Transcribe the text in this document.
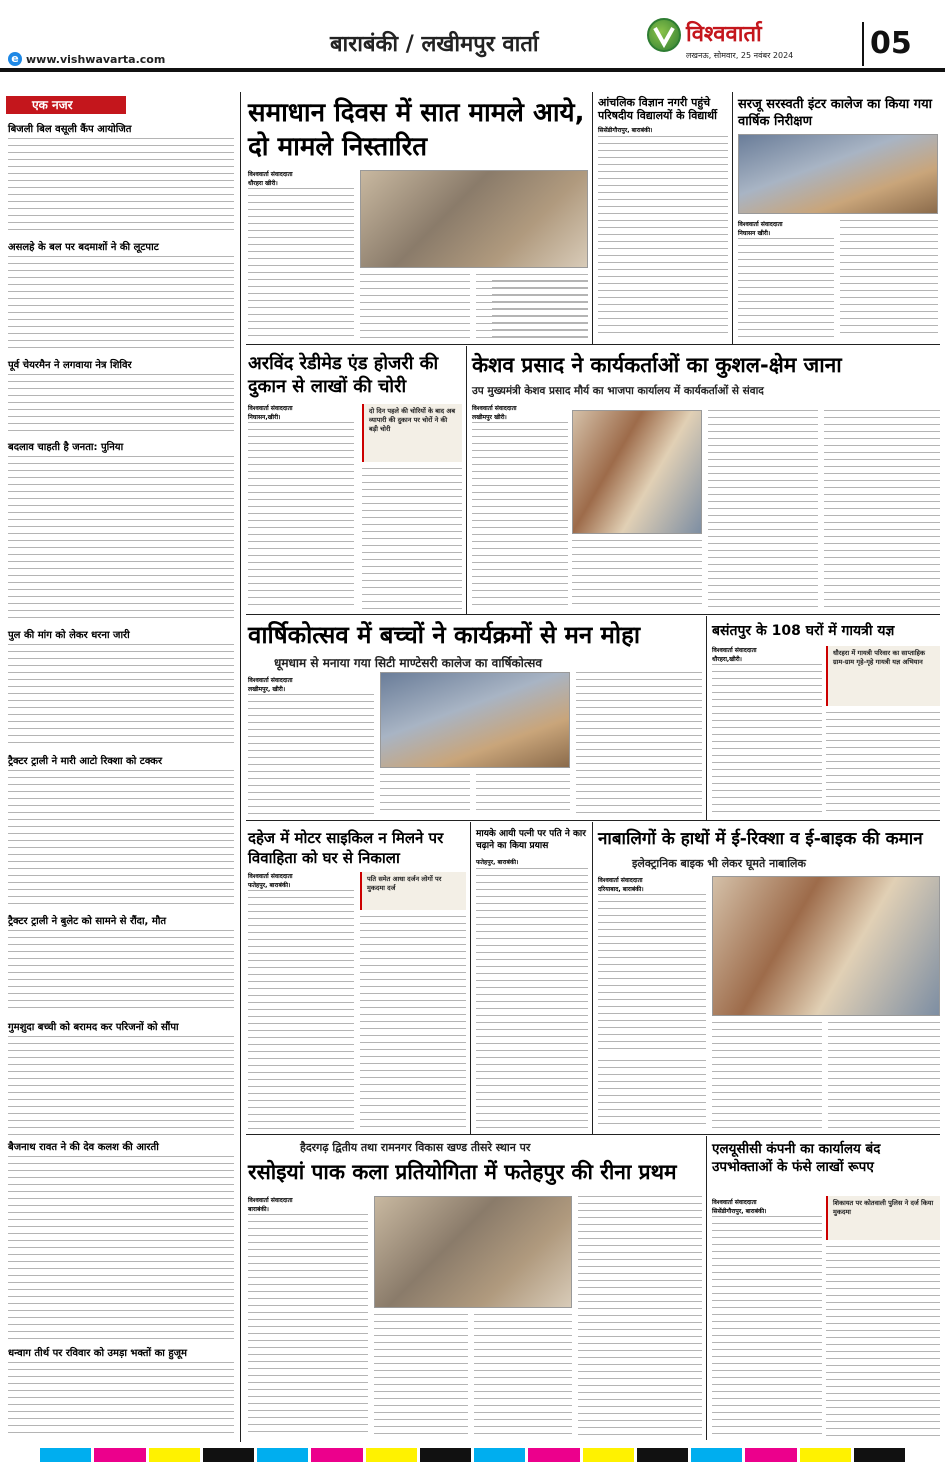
बाराबंकी / लखीमपुर वार्ता	विश्ववार्ता
लखनऊ, सोमवार, 25 नवंबर 2024	05
e www.vishwavarta.com
एक नजर
बिजली बिल वसूली कैंप आयोजित
असलहे के बल पर बदमाशों ने की लूटपाट
पूर्व चेयरमैन ने लगवाया नेत्र शिविर
बदलाव चाहती है जनता: पुनिया
पुल की मांग को लेकर धरना जारी
ट्रैक्टर ट्राली ने मारी आटो रिक्शा को टक्कर
ट्रैक्टर ट्राली ने बुलेट को सामने से रौंदा, मौत
गुमशुदा बच्ची को बरामद कर परिजनों को सौंपा
बैजनाथ रावत ने की देव कलश की आरती
धन्वाग तीर्थ पर रविवार को उमड़ा भक्तों का हुजूम
समाधान दिवस में सात मामले आये, दो मामले निस्तारित
विश्ववार्ता संवाददाता
धौरहरा खीरी।
आंचलिक विज्ञान नगरी पहुंचे परिषदीय विद्यालयों के विद्यार्थी
सिसेंडीगौरापुर, बाराबंकी।
सरजू सरस्वती इंटर कालेज का किया गया वार्षिक निरीक्षण
विश्ववार्ता संवाददाता
निघासन खीरी।
अरविंद रेडीमेड एंड होजरी की दुकान से लाखों की चोरी
विश्ववार्ता संवाददाता
निघासन,खीरी।
दो दिन पहले की चोरियों के बाद अब व्यापारी की दुकान पर चोरों ने की बड़ी चोरी
केशव प्रसाद ने कार्यकर्ताओं का कुशल-क्षेम जाना
उप मुख्यमंत्री केशव प्रसाद मौर्य का भाजपा कार्यालय में कार्यकर्ताओं से संवाद
विश्ववार्ता संवाददाता
लखीमपुर खीरी।
वार्षिकोत्सव में बच्चों ने कार्यक्रमों से मन मोहा
धूमधाम से मनाया गया सिटी माण्टेसरी कालेज का वार्षिकोत्सव
विश्ववार्ता संवाददाता
लखीमपुर, खीरी।
बसंतपुर के 108 घरों में गायत्री यज्ञ
विश्ववार्ता संवाददाता
धौरहरा,खीरी।
धौरहरा में गायत्री परिवार का साप्ताहिक ग्राम-ग्राम गृहे-गृहे गायत्री यज्ञ अभियान
दहेज में मोटर साइकिल न मिलने पर विवाहिता को घर से निकाला
विश्ववार्ता संवाददाता
फतेहपुर, बाराबंकी।
पति समेत आधा दर्जन लोगों पर मुकदमा दर्ज
मायके आयी पत्नी पर पति ने कार चढ़ाने का किया प्रयास
फतेहपुर, बाराबंकी।
नाबालिगों के हाथों में ई-रिक्शा व ई-बाइक की कमान
इलेक्ट्रानिक बाइक भी लेकर घूमते नाबालिक
विश्ववार्ता संवाददाता
दरियाबाद, बाराबंकी।
हैदरगढ़ द्वितीय तथा रामनगर विकास खण्ड तीसरे स्थान पर
रसोइयां पाक कला प्रतियोगिता में फतेहपुर की रीना प्रथम
विश्ववार्ता संवाददाता
बाराबंकी।
एलयूसीसी कंपनी का कार्यालय बंद उपभोक्ताओं के फंसे लाखों रूपए
विश्ववार्ता संवाददाता
सिसेंडीगौरापुर, बाराबंकी।
शिकायत पर कोतवाली पुलिस ने दर्ज किया मुकदमा
